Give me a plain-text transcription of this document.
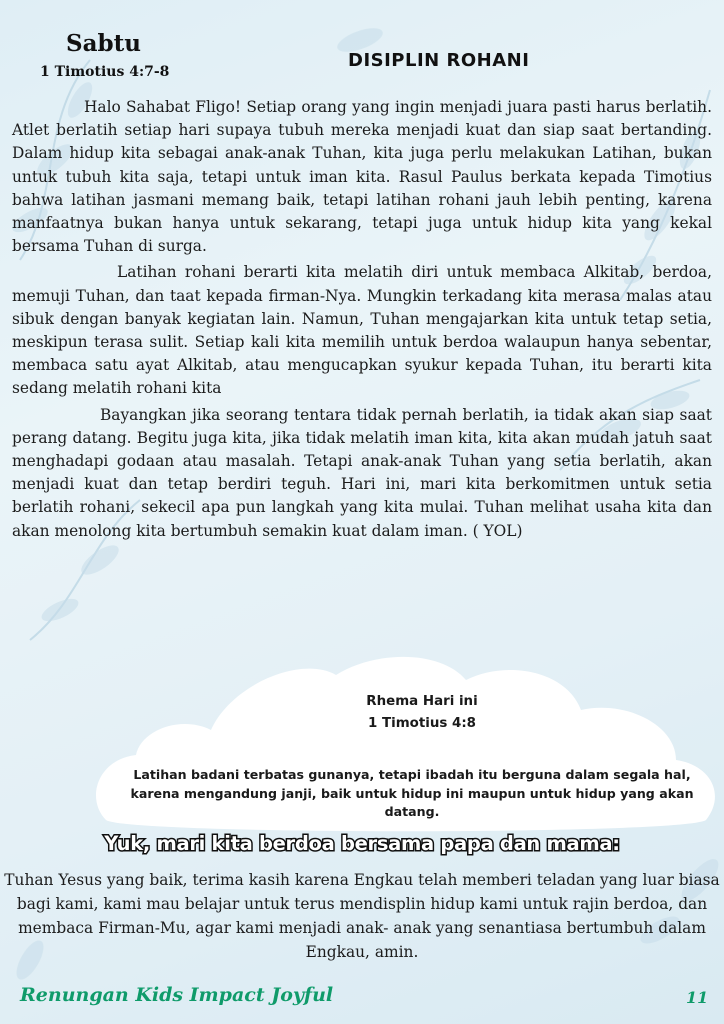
Sabtu
1 Timotius 4:7-8
DISIPLIN ROHANI

Halo Sahabat Fligo! Setiap orang yang ingin menjadi juara pasti harus berlatih. Atlet berlatih setiap hari supaya tubuh mereka menjadi kuat dan siap saat bertanding. Dalam hidup kita sebagai anak-anak Tuhan, kita juga perlu melakukan Latihan, bukan untuk tubuh kita saja, tetapi untuk iman kita. Rasul Paulus berkata kepada Timotius bahwa latihan jasmani memang baik, tetapi latihan rohani jauh lebih penting, karena manfaatnya bukan hanya untuk sekarang, tetapi juga untuk hidup kita yang kekal bersama Tuhan di surga.

Latihan rohani berarti kita melatih diri untuk membaca Alkitab, berdoa, memuji Tuhan, dan taat kepada firman-Nya. Mungkin terkadang kita merasa malas atau sibuk dengan banyak kegiatan lain. Namun, Tuhan mengajarkan kita untuk tetap setia, meskipun terasa sulit. Setiap kali kita memilih untuk berdoa walaupun hanya sebentar, membaca satu ayat Alkitab, atau mengucapkan syukur kepada Tuhan, itu berarti kita sedang melatih rohani kita

Bayangkan jika seorang tentara tidak pernah berlatih, ia tidak akan siap saat perang datang. Begitu juga kita, jika tidak melatih iman kita, kita akan mudah jatuh saat menghadapi godaan atau masalah. Tetapi anak-anak Tuhan yang setia berlatih, akan menjadi kuat dan tetap berdiri teguh. Hari ini, mari kita berkomitmen untuk setia berlatih rohani, sekecil apa pun langkah yang kita mulai. Tuhan melihat usaha kita dan akan menolong kita bertumbuh semakin kuat dalam iman. ( YOL)

Rhema Hari ini
1 Timotius 4:8
Latihan badani terbatas gunanya, tetapi ibadah itu berguna dalam segala hal, karena mengandung janji, baik untuk hidup ini maupun untuk hidup yang akan datang.
Yuk, mari kita berdoa bersama papa dan mama:
Tuhan Yesus yang baik, terima kasih karena Engkau telah memberi teladan yang luar biasa bagi kami, kami mau belajar untuk terus mendisplin hidup kami untuk rajin berdoa, dan membaca Firman-Mu, agar kami menjadi anak- anak yang senantiasa bertumbuh dalam Engkau, amin.
Renungan Kids Impact Joyful	11
